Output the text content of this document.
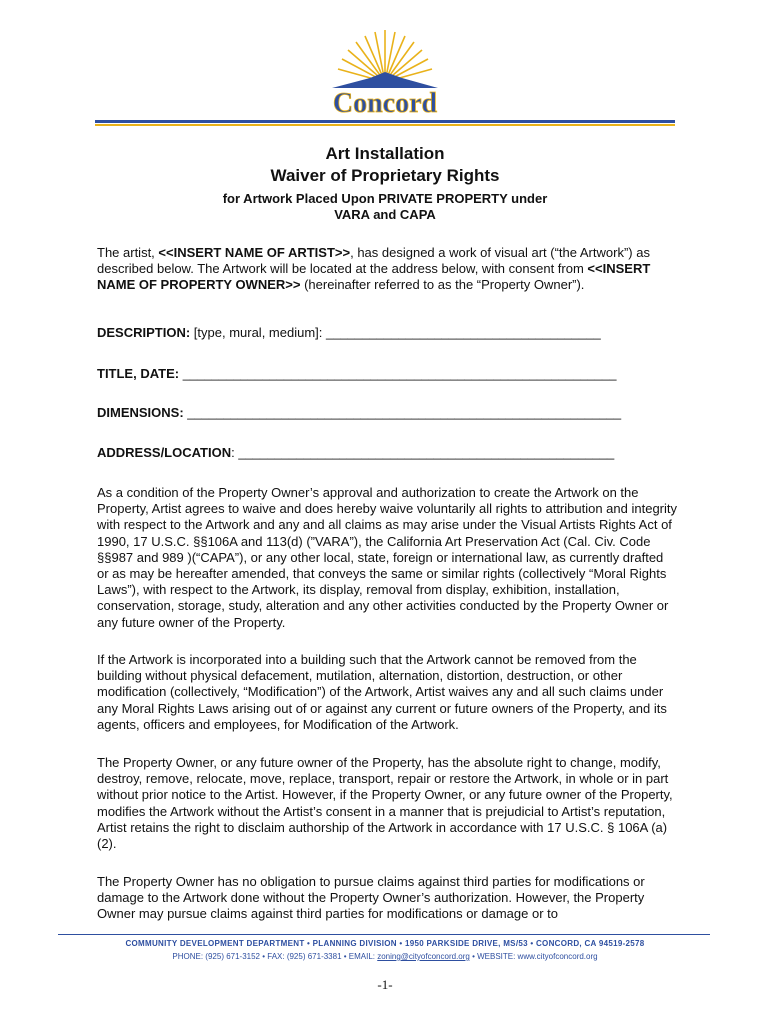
Concord
Art Installation
Waiver of Proprietary Rights
for Artwork Placed Upon PRIVATE PROPERTY under
VARA and CAPA

The artist, <<INSERT NAME OF ARTIST>>, has designed a work of visual art (“the Artwork”) as described below. The Artwork will be located at the address below, with consent from <<INSERT NAME OF PROPERTY OWNER>> (hereinafter referred to as the “Property Owner”).

DESCRIPTION: [type, mural, medium]: ______________________________________
TITLE, DATE: ____________________________________________________________
DIMENSIONS: ____________________________________________________________
ADDRESS/LOCATION: ____________________________________________________

As a condition of the Property Owner’s approval and authorization to create the Artwork on the Property, Artist agrees to waive and does hereby waive voluntarily all rights to attribution and integrity with respect to the Artwork and any and all claims as may arise under the Visual Artists Rights Act of 1990, 17 U.S.C. §§106A and 113(d) (”VARA”), the California Art Preservation Act (Cal. Civ. Code §§987 and 989 )(“CAPA”), or any other local, state, foreign or international law, as currently drafted or as may be hereafter amended, that conveys the same or similar rights (collectively “Moral Rights Laws”), with respect to the Artwork, its display, removal from display, exhibition, installation, conservation, storage, study, alteration and any other activities conducted by the Property Owner or any future owner of the Property.

If the Artwork is incorporated into a building such that the Artwork cannot be removed from the building without physical defacement, mutilation, alternation, distortion, destruction, or other modification (collectively, “Modification”) of the Artwork, Artist waives any and all such claims under any Moral Rights Laws arising out of or against any current or future owners of the Property, and its agents, officers and employees, for Modification of the Artwork.

The Property Owner, or any future owner of the Property, has the absolute right to change, modify, destroy, remove, relocate, move, replace, transport, repair or restore the Artwork, in whole or in part without prior notice to the Artist. However, if the Property Owner, or any future owner of the Property, modifies the Artwork without the Artist’s consent in a manner that is prejudicial to Artist’s reputation, Artist retains the right to disclaim authorship of the Artwork in accordance with 17 U.S.C. § 106A (a) (2).

The Property Owner has no obligation to pursue claims against third parties for modifications or damage to the Artwork done without the Property Owner’s authorization. However, the Property Owner may pursue claims against third parties for modifications or damage or to

COMMUNITY DEVELOPMENT DEPARTMENT • PLANNING DIVISION • 1950 PARKSIDE DRIVE, MS/53 • CONCORD, CA 94519-2578
PHONE: (925) 671-3152 • FAX: (925) 671-3381 • EMAIL: zoning@cityofconcord.org • WEBSITE: www.cityofconcord.org
-1-
